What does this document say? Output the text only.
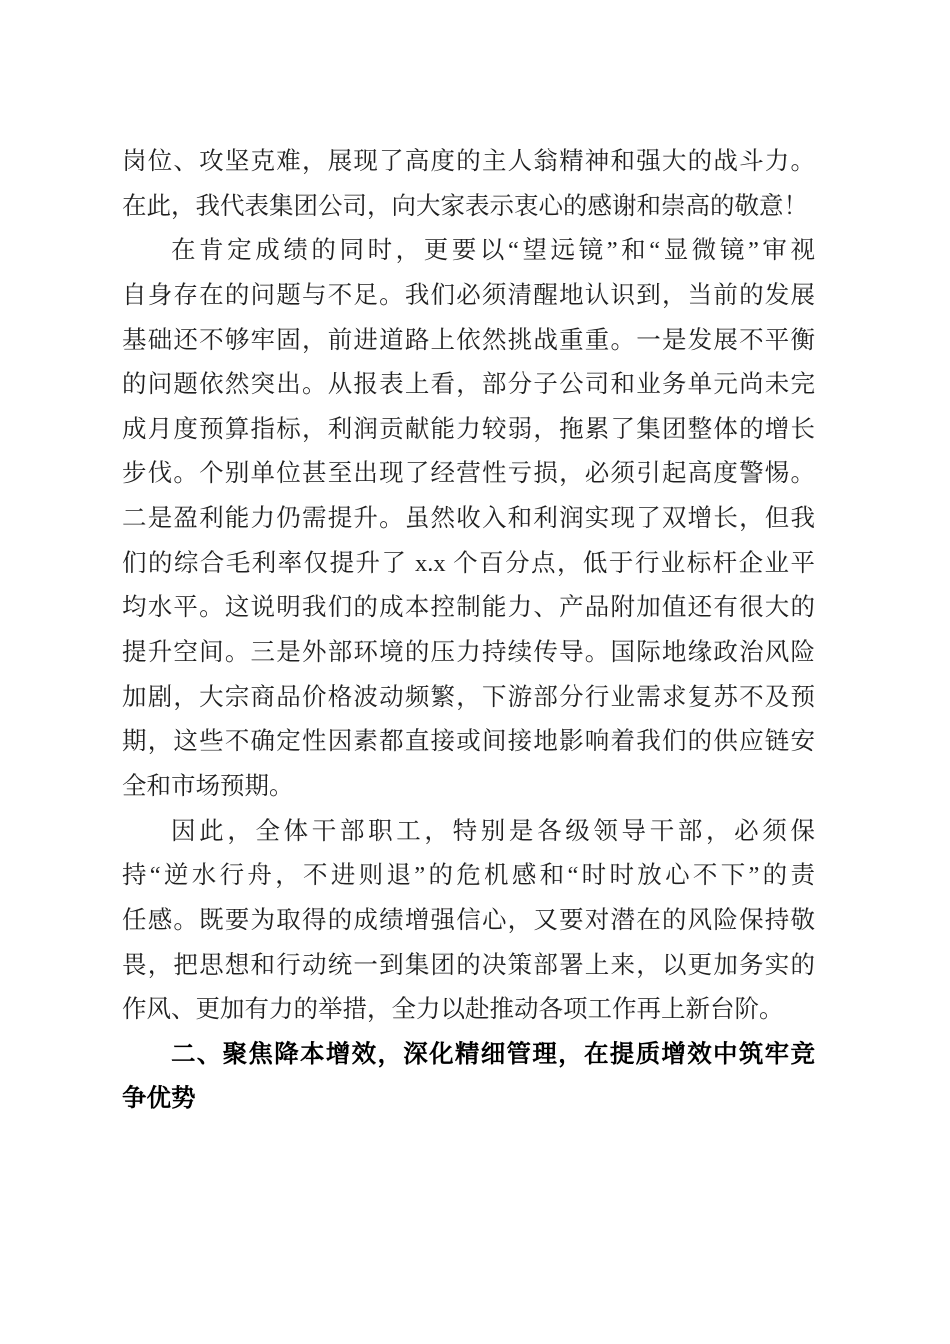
岗位、攻坚克难，展现了高度的主人翁精神和强大的战斗力。
在此，我代表集团公司，向大家表示衷心的感谢和崇高的敬意！
在肯定成绩的同时，更要以“望远镜”和“显微镜”审视
自身存在的问题与不足。我们必须清醒地认识到，当前的发展
基础还不够牢固，前进道路上依然挑战重重。一是发展不平衡
的问题依然突出。从报表上看，部分子公司和业务单元尚未完
成月度预算指标，利润贡献能力较弱，拖累了集团整体的增长
步伐。个别单位甚至出现了经营性亏损，必须引起高度警惕。
二是盈利能力仍需提升。虽然收入和利润实现了双增长，但我
们的综合毛利率仅提升了 x.x 个百分点，低于行业标杆企业平
均水平。这说明我们的成本控制能力、产品附加值还有很大的
提升空间。三是外部环境的压力持续传导。国际地缘政治风险
加剧，大宗商品价格波动频繁，下游部分行业需求复苏不及预
期，这些不确定性因素都直接或间接地影响着我们的供应链安
全和市场预期。
因此，全体干部职工，特别是各级领导干部，必须保
持“逆水行舟，不进则退”的危机感和“时时放心不下”的责
任感。既要为取得的成绩增强信心，又要对潜在的风险保持敬
畏，把思想和行动统一到集团的决策部署上来，以更加务实的
作风、更加有力的举措，全力以赴推动各项工作再上新台阶。
二、聚焦降本增效，深化精细管理，在提质增效中筑牢竞
争优势
